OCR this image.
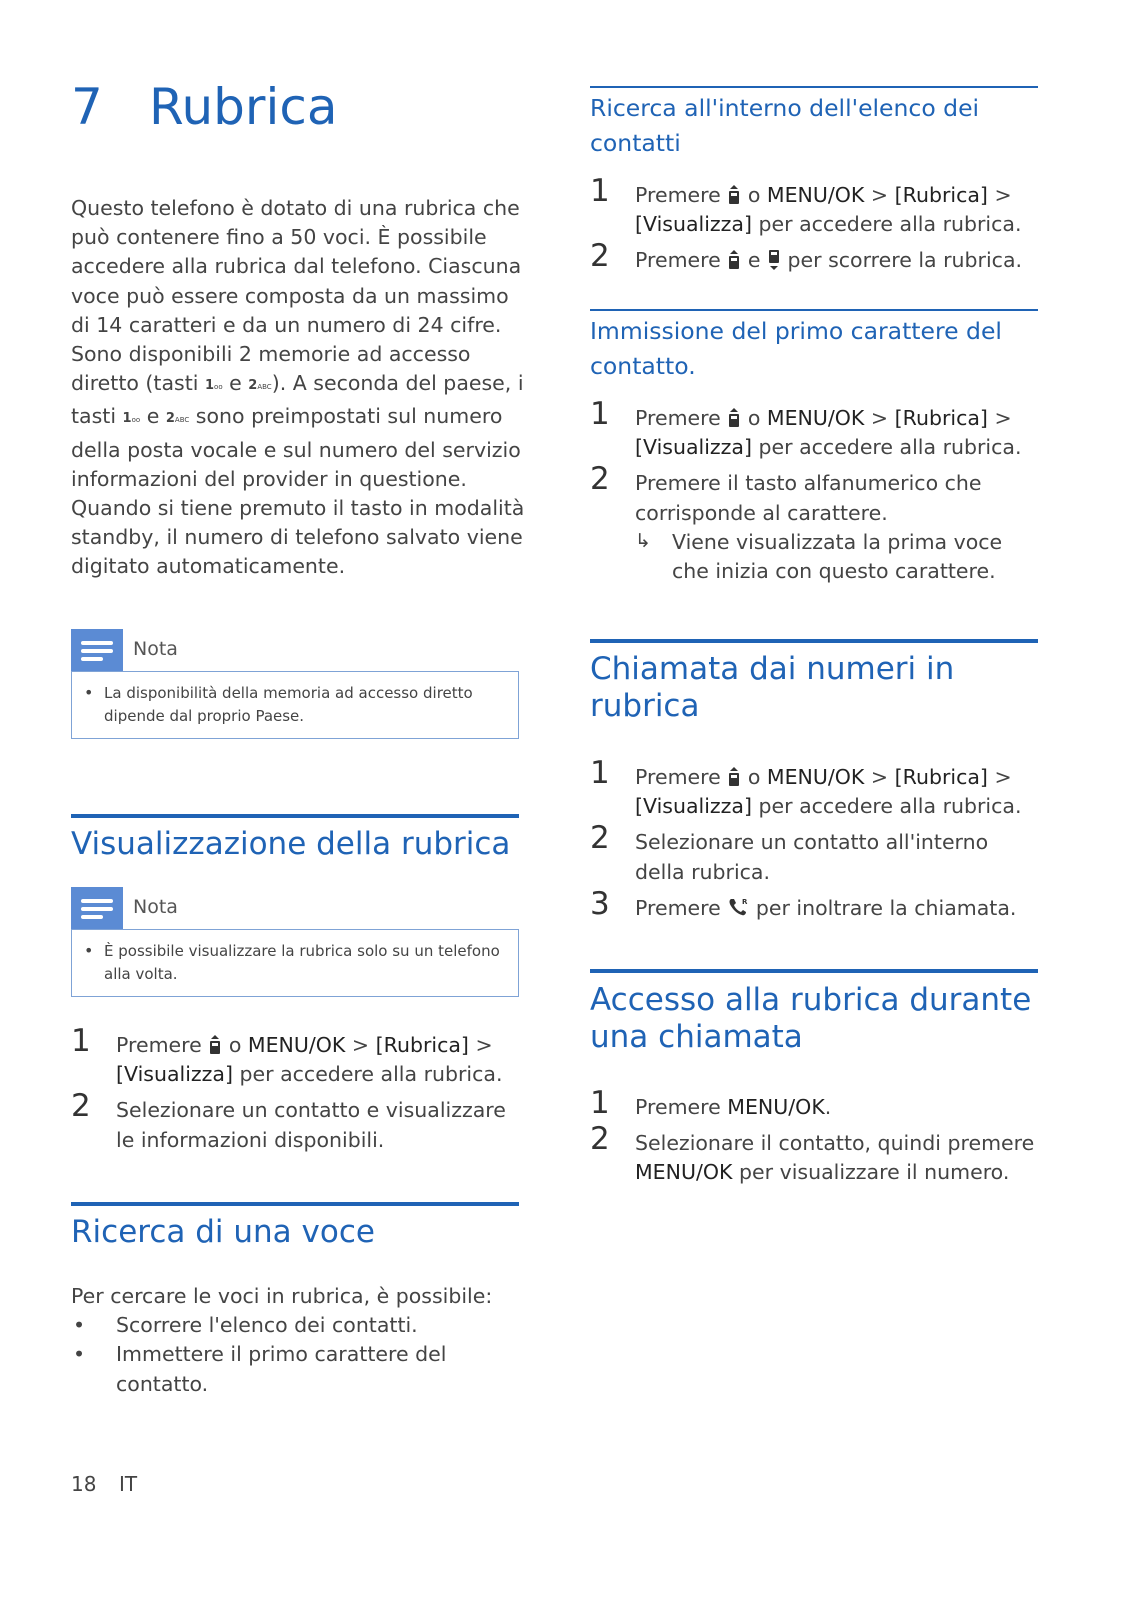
7 Rubrica

Questo telefono è dotato di una rubrica che può contenere fino a 50 voci. È possibile accedere alla rubrica dal telefono. Ciascuna voce può essere composta da un massimo di 14 caratteri e da un numero di 24 cifre. Sono disponibili 2 memorie ad accesso diretto (tasti 1oo e 2ABC). A seconda del paese, i tasti 1oo e 2ABC sono preimpostati sul numero della posta vocale e sul numero del servizio informazioni del provider in questione. Quando si tiene premuto il tasto in modalità standby, il numero di telefono salvato viene digitato automaticamente.

Nota
• La disponibilità della memoria ad accesso diretto dipende dal proprio Paese.
Visualizzazione della rubrica
Nota
• È possibile visualizzare la rubrica solo su un telefono alla volta.
1 Premere o MENU/OK > [Rubrica] > [Visualizza] per accedere alla rubrica.
2 Selezionare un contatto e visualizzare le informazioni disponibili.
Ricerca di una voce
Per cercare le voci in rubrica, è possibile:
• Scorrere l'elenco dei contatti.
• Immettere il primo carattere del contatto.
Ricerca all'interno dell'elenco dei contatti
1 Premere o MENU/OK > [Rubrica] > [Visualizza] per accedere alla rubrica.
2 Premere e per scorrere la rubrica.
Immissione del primo carattere del contatto.
1 Premere o MENU/OK > [Rubrica] > [Visualizza] per accedere alla rubrica.
2 Premere il tasto alfanumerico che corrisponde al carattere.
↳ Viene visualizzata la prima voce che inizia con questo carattere.
Chiamata dai numeri in rubrica
1 Premere o MENU/OK > [Rubrica] > [Visualizza] per accedere alla rubrica.
2 Selezionare un contatto all'interno della rubrica.
3 Premere per inoltrare la chiamata.
Accesso alla rubrica durante una chiamata
1 Premere MENU/OK.
2 Selezionare il contatto, quindi premere MENU/OK per visualizzare il numero.
18 IT
